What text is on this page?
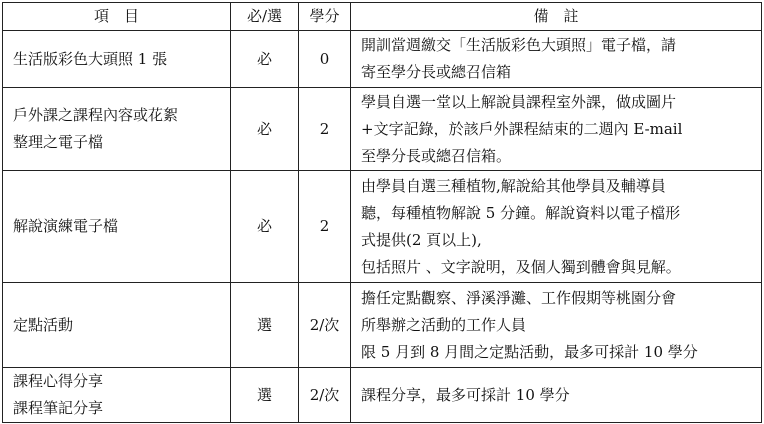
項　目	必/選	學分	備　註

生活版彩色大頭照 1 張	必	0	開訓當週繳交「生活版彩色大頭照」電子檔，請
寄至學分長或總召信箱

戶外課之課程內容或花絮
整理之電子檔	必	2	學員自選一堂以上解說員課程室外課，做成圖片
+文字記錄，於該戶外課程結束的二週內 E-mail
至學分長或總召信箱。

解說演練電子檔	必	2	由學員自選三種植物,解說給其他學員及輔導員
聽，每種植物解說 5 分鐘。解說資料以電子檔形
式提供(2 頁以上),
包括照片 、文字說明，及個人獨到體會與見解。

定點活動	選	2/次	擔任定點觀察、淨溪淨灘、工作假期等桃園分會
所舉辦之活動的工作人員
限 5 月到 8 月間之定點活動，最多可採計 10 學分

課程心得分享
課程筆記分享	選	2/次	課程分享，最多可採計 10 學分
